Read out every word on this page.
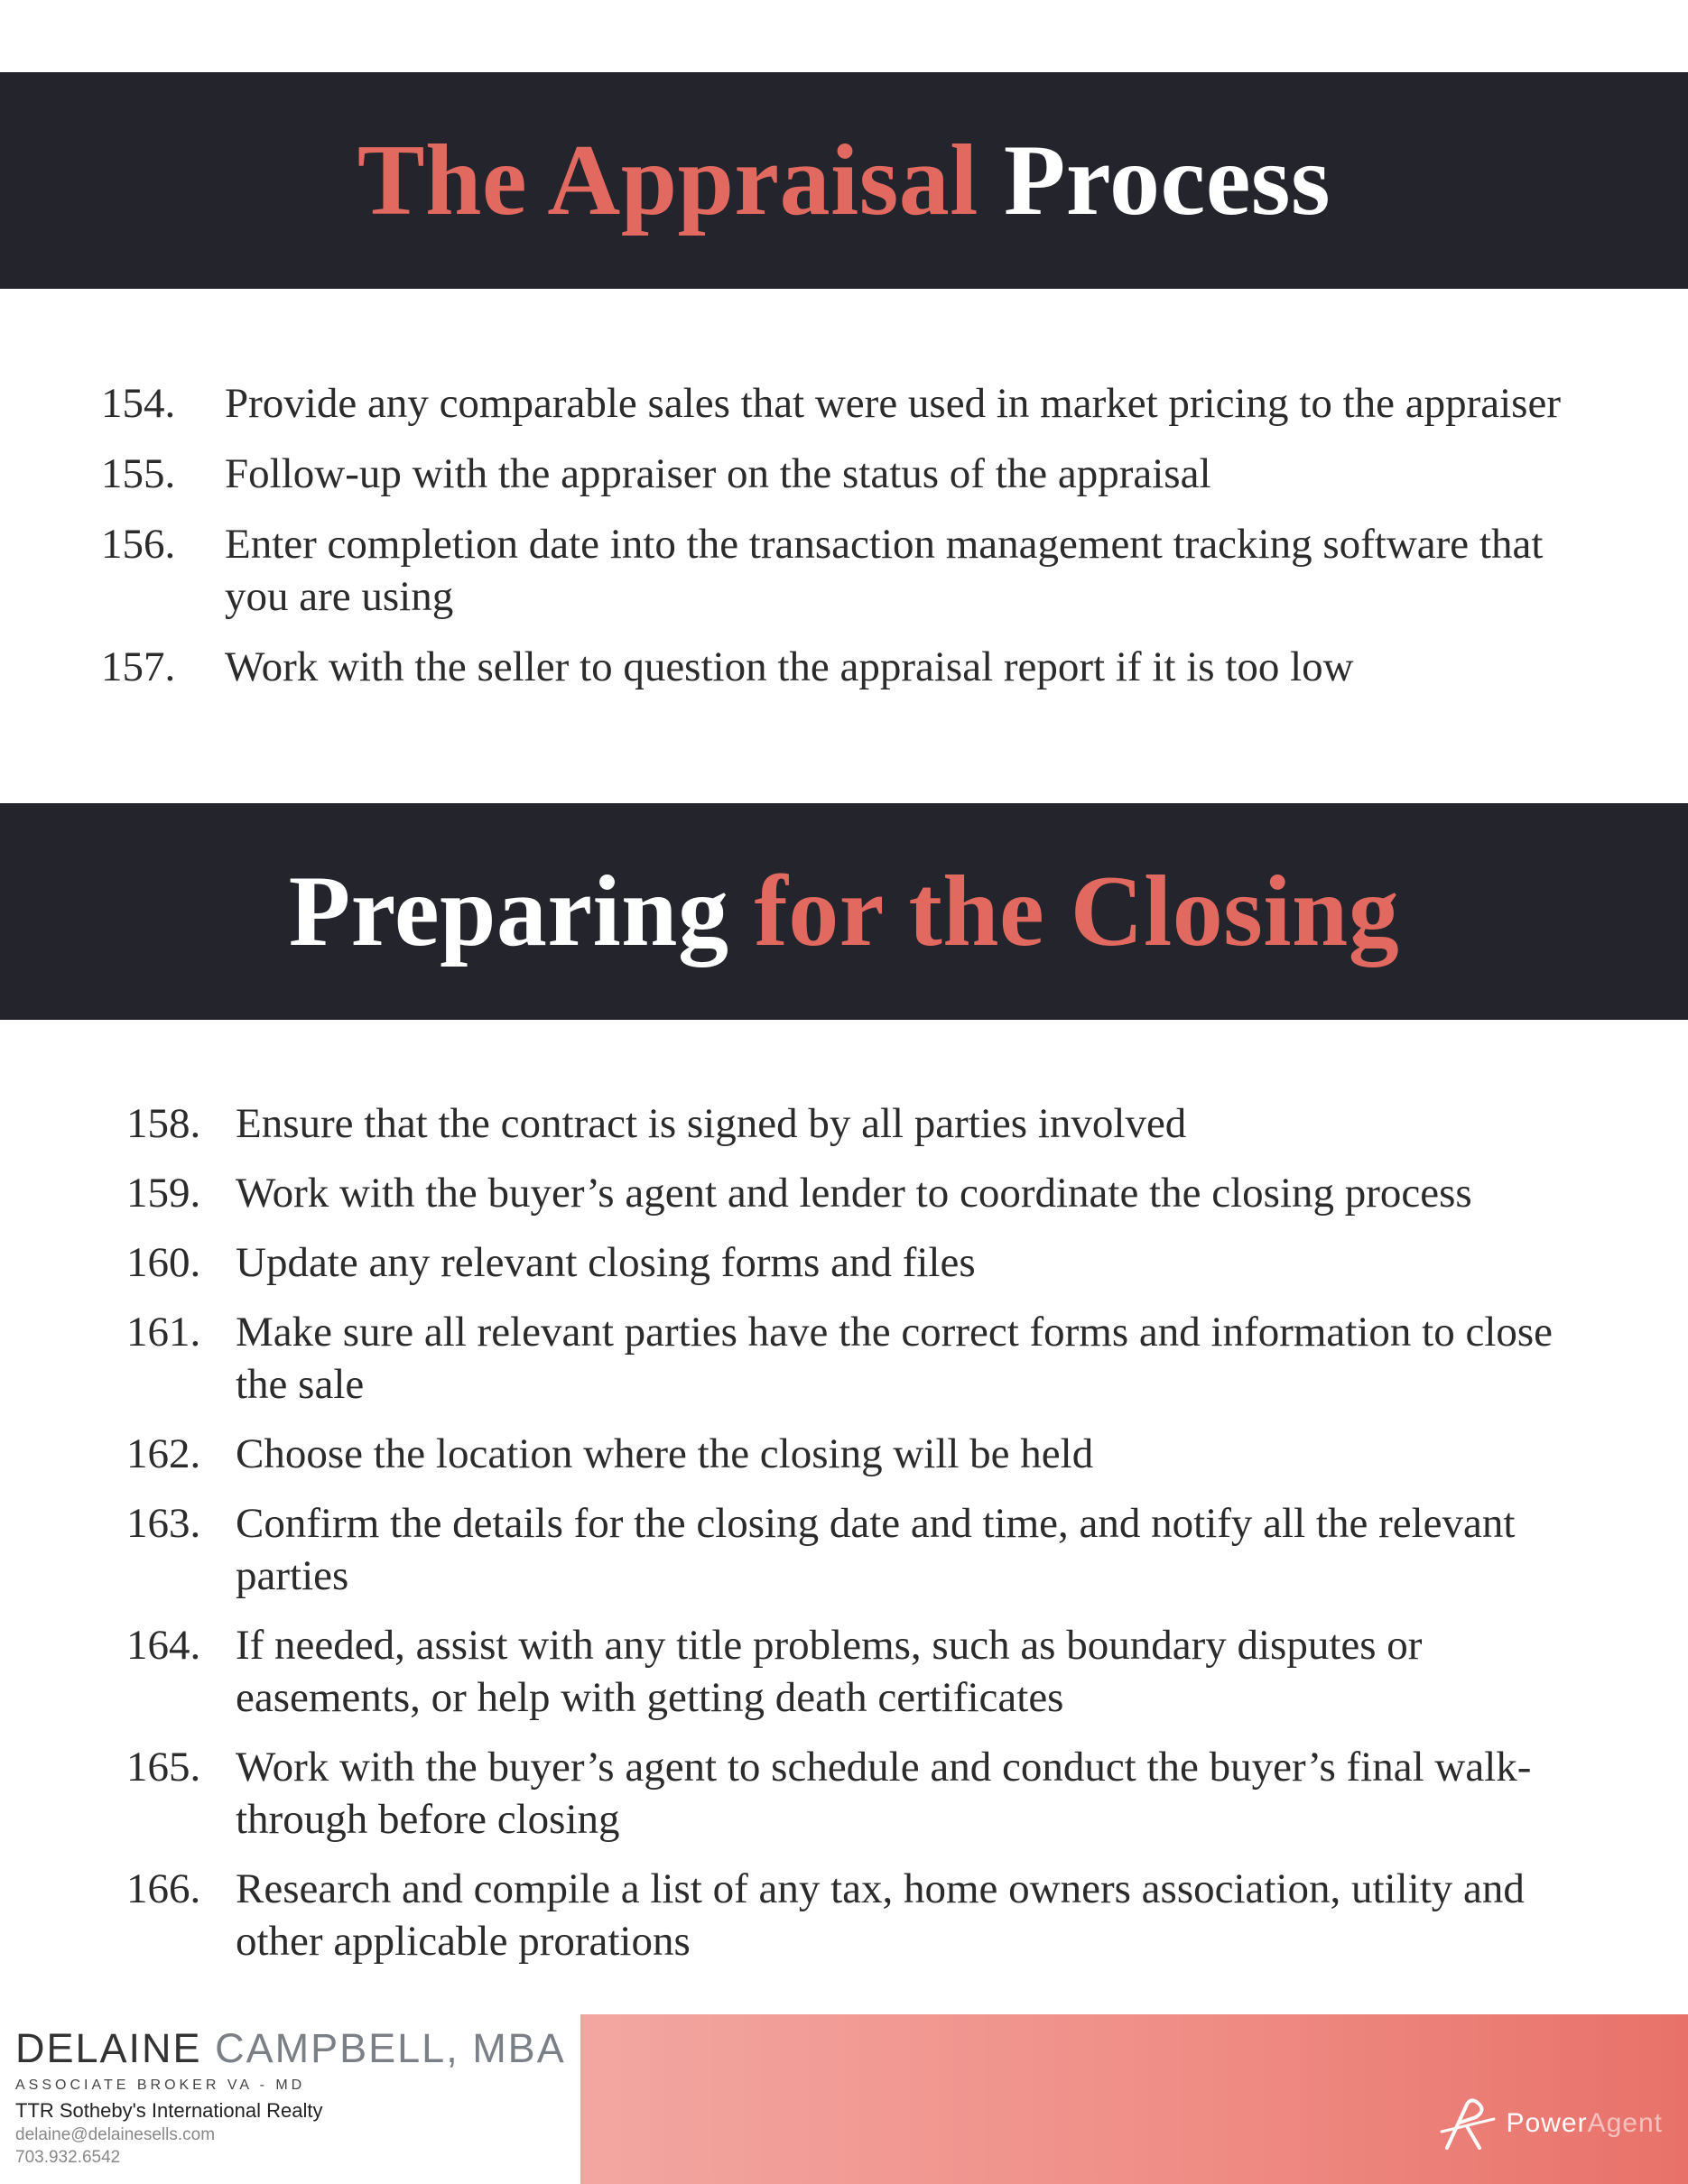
The Appraisal Process
154.	Provide any comparable sales that were used in market pricing to the appraiser
155.	Follow-up with the appraiser on the status of the appraisal
156.	Enter completion date into the transaction management tracking software that you are using
157.	Work with the seller to question the appraisal report if it is too low
Preparing for the Closing
158. Ensure that the contract is signed by all parties involved
159. Work with the buyer’s agent and lender to coordinate the closing process
160. Update any relevant closing forms and files
161. Make sure all relevant parties have the correct forms and information to close the sale
162. Choose the location where the closing will be held
163. Confirm the details for the closing date and time, and notify all the relevant parties
164. If needed, assist with any title problems, such as boundary disputes or easements, or help with getting death certificates
165. Work with the buyer’s agent to schedule and conduct the buyer’s final walk-through before closing
166. Research and compile a list of any tax, home owners association, utility and other applicable prorations
DELAINE CAMPBELL, MBA
ASSOCIATE BROKER VA - MD
TTR Sotheby's International Realty
delaine@delainesells.com
703.932.6542
PowerAgent
